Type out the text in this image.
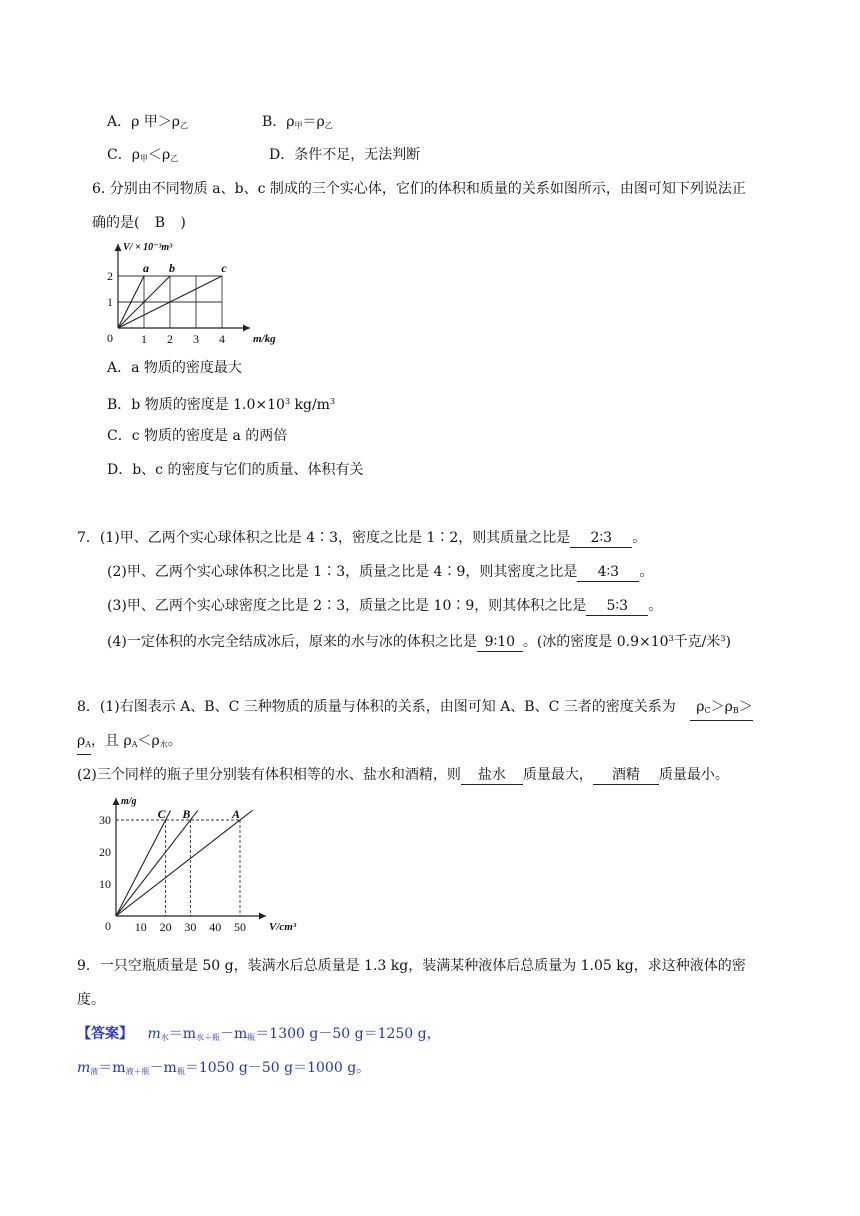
A．ρ 甲$>\rho_乙$	B．$\rho_甲=\rho_乙$
C．$\rho_甲<\rho_乙$	D．条件不足，无法判断
6. 分别由不同物质 a、b、c 制成的三个实心体，它们的体积和质量的关系如图所示，由图可知下列说法正
确的是( B )
a b	c
1 2 3 4
1
2
0	m/kg
V/ × 10⁻³m³
A．a 物质的密度最大
B．b 物质的密度是 $1.0\times 10^3$ $kg/m^3$
C．c 物质的密度是 a 的两倍
D．b、c 的密度与它们的质量、体积有关
7．(1)甲、乙两个实心球体积之比是 4∶3，密度之比是 1∶2，则其质量之比是 2∶3 。
(2)甲、乙两个实心球体积之比是 1∶3，质量之比是 4∶9，则其密度之比是 4∶3 。
(3)甲、乙两个实心球密度之比是 2∶3，质量之比是 10∶9，则其体积之比是 5∶3 。
(4)一定体积的水完全结成冰后，原来的水与冰的体积之比是 9∶10 。(冰的密度是 $0.9\times 10^3$千克/米$^3$)
8．(1)右图表示 A、B、C 三种物质的质量与体积的关系，由图可知 A、B、C 三者的密度关系为 $\rho_C>\rho_B>$
$\rho_A$，且 $\rho_A<\rho_水$。
(2)三个同样的瓶子里分别装有体积相等的水、盐水和酒精，则 盐水 质量最大， 酒精 质量最小。
C B	A
10 20 30 40 50
10
20
30
0	V/cm³
m/g
9．一只空瓶质量是 50 g，装满水后总质量是 1.3 kg，装满某种液体后总质量为 1.05 kg，求这种液体的密
度。
【答案】 $m_水=m_{水+瓶}-m_瓶=1300$ g－50 g＝1250 g，
$m_液=m_{液+瓶}-m_瓶=1050$ g－50 g＝1000 g。
